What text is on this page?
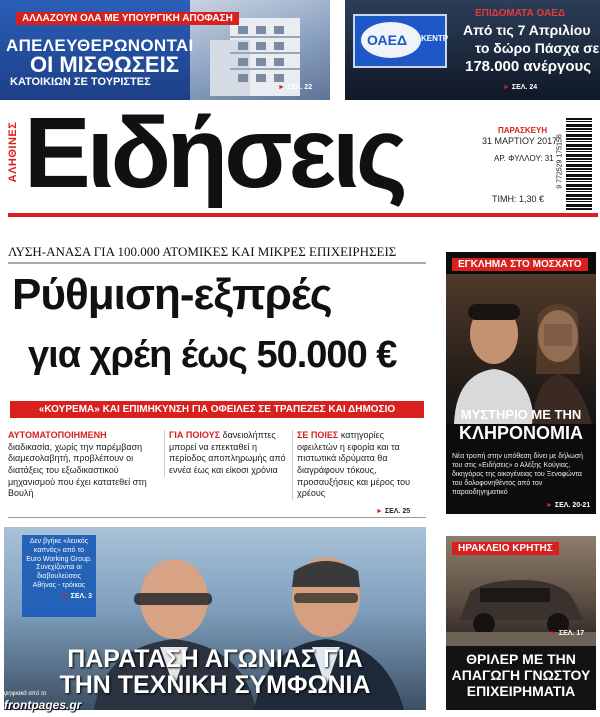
ΑΛΛΑΖΟΥΝ ΟΛΑ ΜΕ ΥΠΟΥΡΓΙΚΗ ΑΠΟΦΑΣΗ
ΑΠΕΛΕΥΘΕΡΩΝΟΝΤΑΙ
ΟΙ ΜΙΣΘΩΣΕΙΣ
ΚΑΤΟΙΚΙΩΝ ΣΕ ΤΟΥΡΙΣΤΕΣ	► ΣΕΛ. 22
ΟΑΕΔ ΚΕΝΤΡ
ΕΠΙΔΟΜΑΤΑ ΟΑΕΔ
Από τις 7 Απριλίου
το δώρο Πάσχα σε
178.000 ανέργους
► ΣΕΛ. 24
ΑΛΗΘΙΝΕΣ Ειδήσεις	ΠΑΡΑΣΚΕΥΗ
31 ΜΑΡΤΙΟΥ 2017
ΑΡ. ΦΥΛΛΟΥ: 31
ΤΙΜΗ: 1,30 €
9 772529 175156
ΛΥΣΗ-ΑΝΑΣΑ ΓΙΑ 100.000 ΑΤΟΜΙΚΕΣ ΚΑΙ ΜΙΚΡΕΣ ΕΠΙΧΕΙΡΗΣΕΙΣ
Ρύθμιση-εξπρές
για χρέη έως 50.000 €
«ΚΟΥΡΕΜΑ» ΚΑΙ ΕΠΙΜΗΚΥΝΣΗ ΓΙΑ ΟΦΕΙΛΕΣ ΣΕ ΤΡΑΠΕΖΕΣ ΚΑΙ ΔΗΜΟΣΙΟ
ΑΥΤΟΜΑΤΟΠΟΙΗΜΕΝΗ διαδικασία, χωρίς την παρέμβαση διαμεσολαβητή, προβλέπουν οι διατάξεις του εξωδικαστικού μηχανισμού που έχει κατατεθεί στη Βουλή
ΓΙΑ ΠΟΙΟΥΣ δανειολήπτες μπορεί να επεκταθεί η περίοδος αποπληρωμής από εννέα έως και είκοσι χρόνια
ΣΕ ΠΟΙΕΣ κατηγορίες οφειλετών η εφορία και τα πιστωτικά ιδρύματα θα διαγράφουν τόκους, προσαυξήσεις και μέρος του χρέους
► ΣΕΛ. 25
ΕΓΚΛΗΜΑ ΣΤΟ ΜΟΣΧΑΤΟ
ΜΥΣΤΗΡΙΟ ΜΕ ΤΗΝ
ΚΛΗΡΟΝΟΜΙΑ
Νέα τροπή στην υπόθεση δίνει με δήλωσή του στις «Ειδήσεις» ο Αλέξης Κούγιας, δικηγόρος της οικογένειας του Ξενοφώντα του δολοφονηθέντος από τον παραοδηγηματικό
► ΣΕΛ. 20-21
Δεν βγήκε «λευκός καπνός» από το Euro Working Group. Συνεχίζονται οι διαβουλεύσεις Αθήνας - τρόικας
► ΣΕΛ. 3
ΠΑΡΑΤΑΣΗ ΑΓΩΝΙΑΣ ΓΙΑ
ΤΗΝ ΤΕΧΝΙΚΗ ΣΥΜΦΩΝΙΑ
ψηφιακά από το
frontpages.gr
ΗΡΑΚΛΕΙΟ ΚΡΗΤΗΣ
► ΣΕΛ. 17
ΘΡΙΛΕΡ ΜΕ ΤΗΝ
ΑΠΑΓΩΓΗ ΓΝΩΣΤΟΥ
ΕΠΙΧΕΙΡΗΜΑΤΙΑ
